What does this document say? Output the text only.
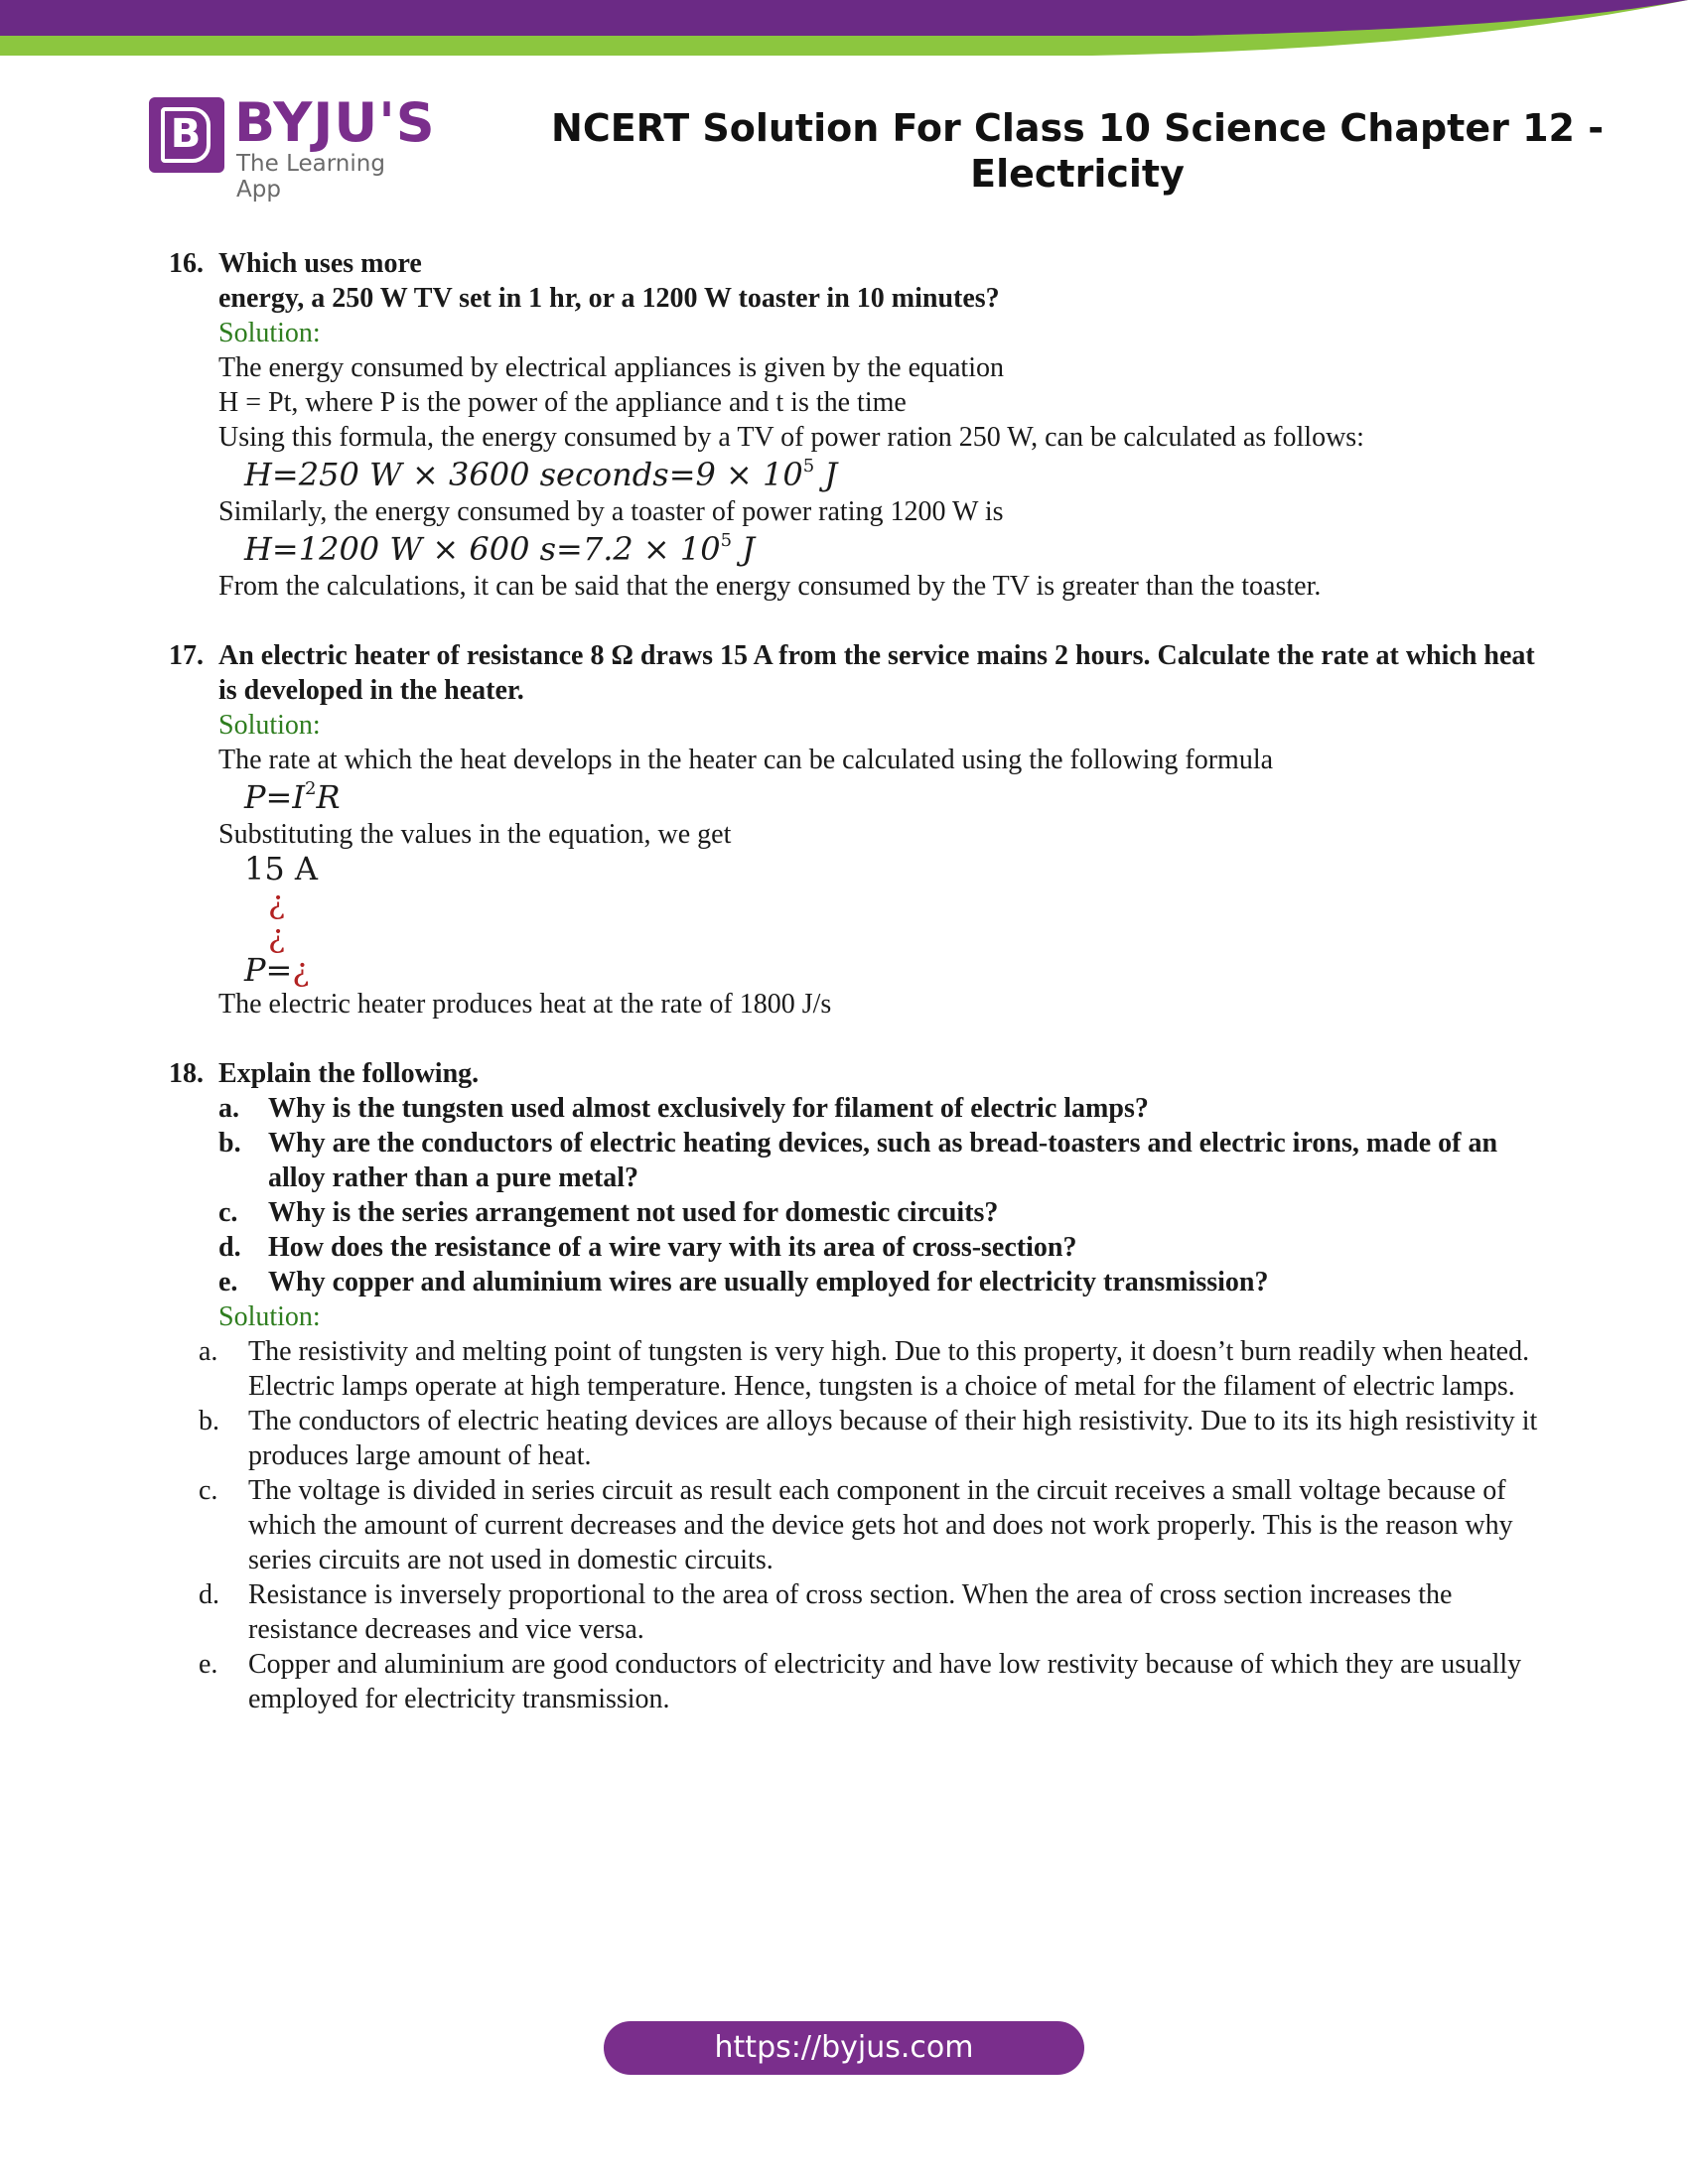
B BYJU'S
The Learning App
NCERT Solution For Class 10 Science Chapter 12 - Electricity
16. Which uses more
energy, a 250 W TV set in 1 hr, or a 1200 W toaster in 10 minutes?
Solution:
The energy consumed by electrical appliances is given by the equation
H = Pt, where P is the power of the appliance and t is the time
Using this formula, the energy consumed by a TV of power ration 250 W, can be calculated as follows:
H=250 W × 3600 seconds=9 × $10^5$ J
Similarly, the energy consumed by a toaster of power rating 1200 W is
H=1200 W × 600 $s=7.2 \times 10^5$ J
From the calculations, it can be said that the energy consumed by the TV is greater than the toaster.
17. An electric heater of resistance 8 Ω draws 15 A from the service mains 2 hours. Calculate the rate at which heat is developed in the heater.
Solution:
The rate at which the heat develops in the heater can be calculated using the following formula
$P=I^2R$
Substituting the values in the equation, we get
15 A
¿
¿
P=¿
The electric heater produces heat at the rate of 1800 J/s
18. Explain the following.
a. Why is the tungsten used almost exclusively for filament of electric lamps?
b. Why are the conductors of electric heating devices, such as bread-toasters and electric irons, made of an alloy rather than a pure metal?
c. Why is the series arrangement not used for domestic circuits?
d. How does the resistance of a wire vary with its area of cross-section?
e. Why copper and aluminium wires are usually employed for electricity transmission?
Solution:
a. The resistivity and melting point of tungsten is very high. Due to this property, it doesn’t burn readily when heated. Electric lamps operate at high temperature. Hence, tungsten is a choice of metal for the filament of electric lamps.
b. The conductors of electric heating devices are alloys because of their high resistivity. Due to its its high resistivity it produces large amount of heat.
c. The voltage is divided in series circuit as result each component in the circuit receives a small voltage because of which the amount of current decreases and the device gets hot and does not work properly. This is the reason why series circuits are not used in domestic circuits.
d. Resistance is inversely proportional to the area of cross section. When the area of cross section increases the resistance decreases and vice versa.
e. Copper and aluminium are good conductors of electricity and have low restivity because of which they are usually employed for electricity transmission.
https://byjus.com
